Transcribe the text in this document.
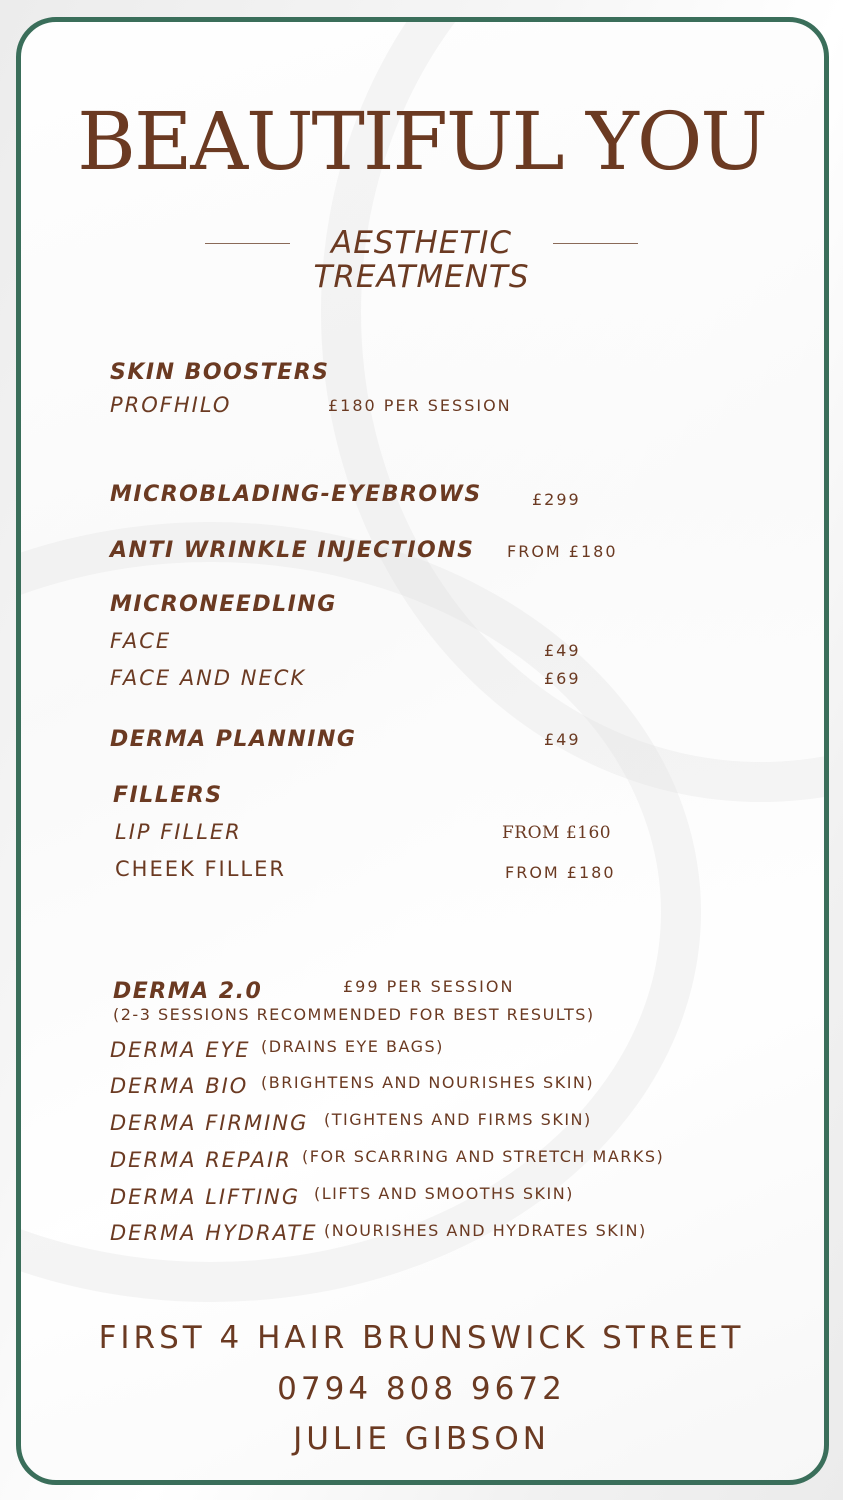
BEAUTIFUL YOU
AESTHETIC
TREATMENTS
SKIN BOOSTERS
PROFHILO	£180 PER SESSION
MICROBLADING-EYEBROWS	£299
ANTI WRINKLE INJECTIONS FROM £180
MICRONEEDLING
FACE	£49
FACE AND NECK	£69
DERMA PLANNING	£49
FILLERS
LIP FILLER	FROM £160
CHEEK FILLER	FROM £180
DERMA 2.0	£99 PER SESSION
(2-3 SESSIONS RECOMMENDED FOR BEST RESULTS)
DERMA EYE (DRAINS EYE BAGS)
DERMA BIO (BRIGHTENS AND NOURISHES SKIN)
DERMA FIRMING (TIGHTENS AND FIRMS SKIN)
DERMA REPAIR (FOR SCARRING AND STRETCH MARKS)
DERMA LIFTING (LIFTS AND SMOOTHS SKIN)
DERMA HYDRATE (NOURISHES AND HYDRATES SKIN)
FIRST 4 HAIR BRUNSWICK STREET
0794 808 9672
JULIE GIBSON
